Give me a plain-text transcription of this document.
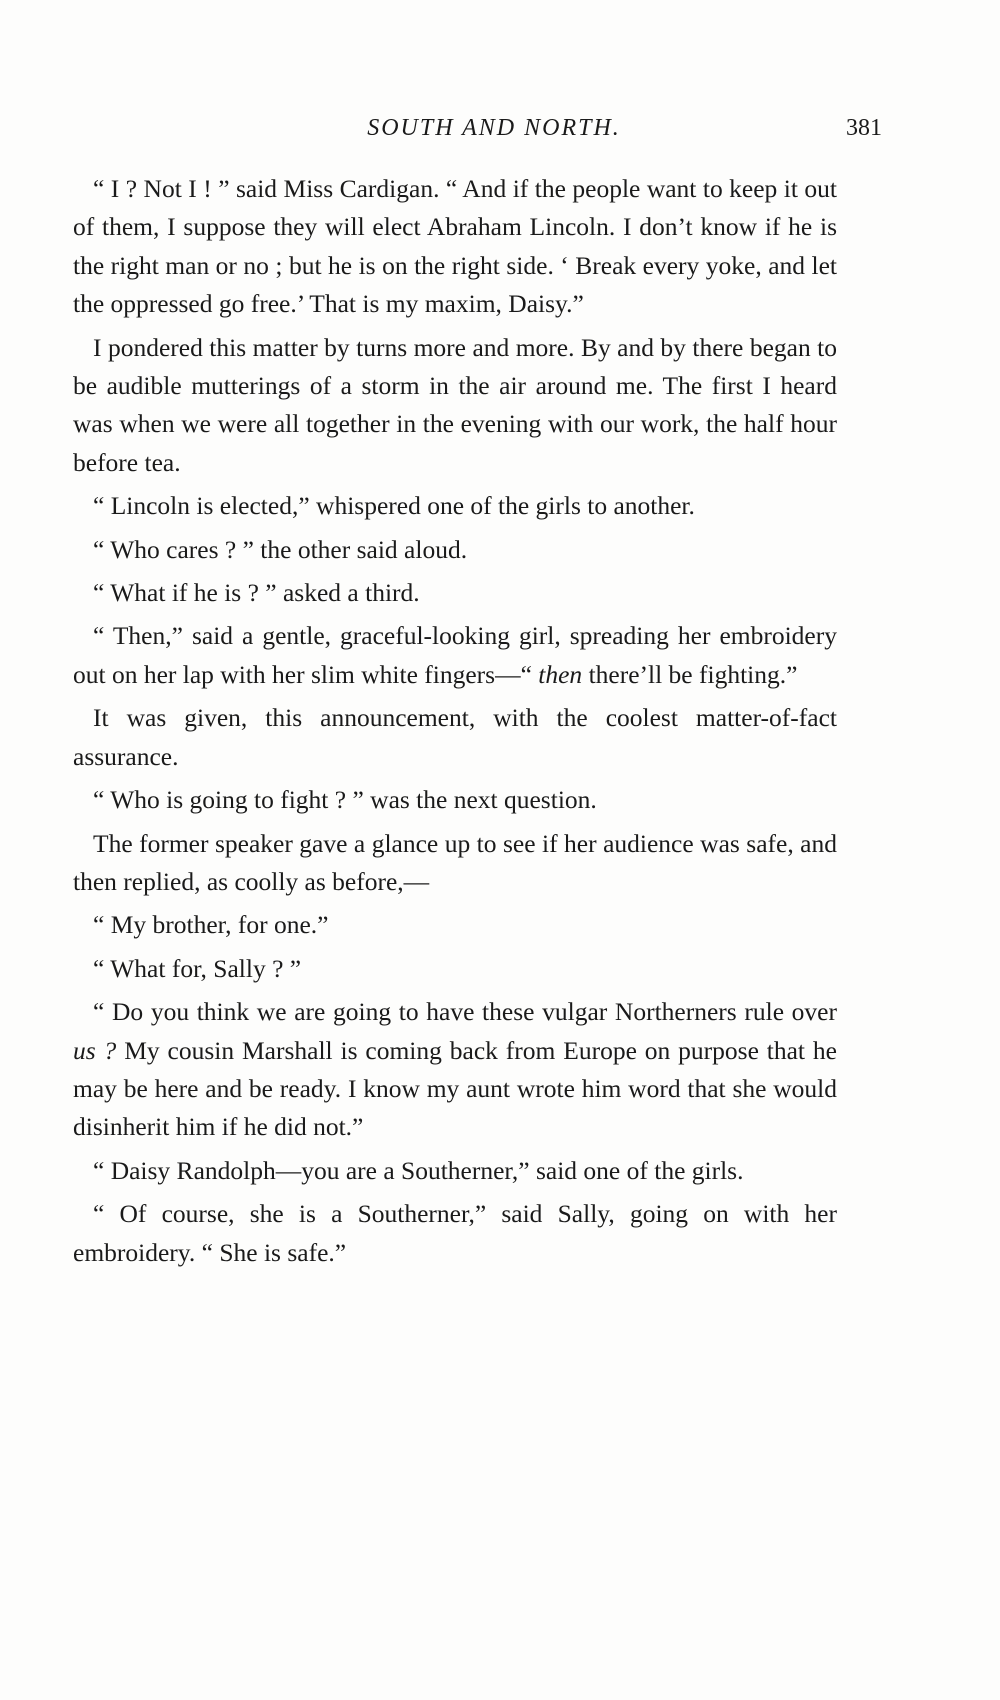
SOUTH AND NORTH.	381

“ I ? Not I ! ” said Miss Cardigan. “ And if the people want to keep it out of them, I suppose they will elect Abraham Lincoln. I don’t know if he is the right man or no ; but he is on the right side. ‘ Break every yoke, and let the oppressed go free.’ That is my maxim, Daisy.”

I pondered this matter by turns more and more. By and by there began to be audible mutterings of a storm in the air around me. The first I heard was when we were all together in the evening with our work, the half hour before tea.

“ Lincoln is elected,” whispered one of the girls to another.

“ Who cares ? ” the other said aloud.

“ What if he is ? ” asked a third.

“ Then,” said a gentle, graceful-looking girl, spreading her embroidery out on her lap with her slim white fingers—“ then there’ll be fighting.”

It was given, this announcement, with the coolest matter-of-fact assurance.

“ Who is going to fight ? ” was the next question.

The former speaker gave a glance up to see if her audience was safe, and then replied, as coolly as before,—

“ My brother, for one.”

“ What for, Sally ? ”

“ Do you think we are going to have these vulgar Northerners rule over us ? My cousin Marshall is coming back from Europe on purpose that he may be here and be ready. I know my aunt wrote him word that she would disinherit him if he did not.”

“ Daisy Randolph—you are a Southerner,” said one of the girls.

“ Of course, she is a Southerner,” said Sally, going on with her embroidery. “ She is safe.”
